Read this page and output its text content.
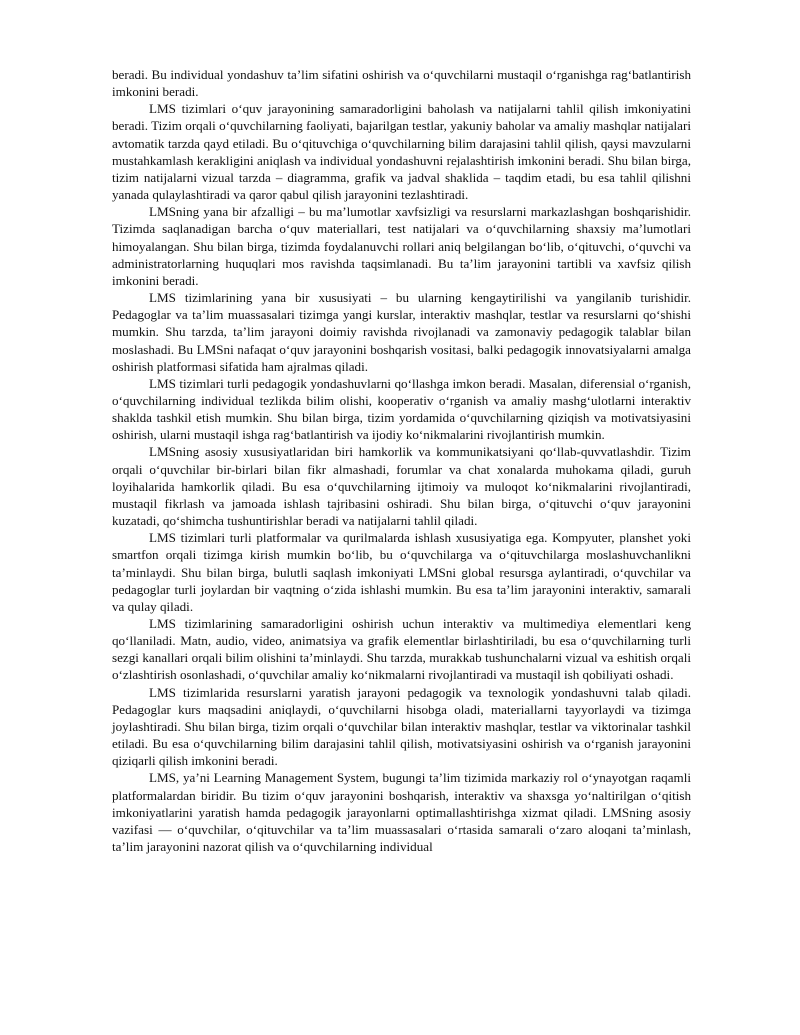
beradi. Bu individual yondashuv ta’lim sifatini oshirish va o‘quvchilarni mustaqil o‘rganishga rag‘batlantirish imkonini beradi.

LMS tizimlari o‘quv jarayonining samaradorligini baholash va natijalarni tahlil qilish imkoniyatini beradi. Tizim orqali o‘quvchilarning faoliyati, bajarilgan testlar, yakuniy baholar va amaliy mashqlar natijalari avtomatik tarzda qayd etiladi. Bu o‘qituvchiga o‘quvchilarning bilim darajasini tahlil qilish, qaysi mavzularni mustahkamlash kerakligini aniqlash va individual yondashuvni rejalashtirish imkonini beradi. Shu bilan birga, tizim natijalarni vizual tarzda – diagramma, grafik va jadval shaklida – taqdim etadi, bu esa tahlil qilishni yanada qulaylashtiradi va qaror qabul qilish jarayonini tezlashtiradi.

LMSning yana bir afzalligi – bu ma’lumotlar xavfsizligi va resurslarni markazlashgan boshqarishidir. Tizimda saqlanadigan barcha o‘quv materiallari, test natijalari va o‘quvchilarning shaxsiy ma’lumotlari himoyalangan. Shu bilan birga, tizimda foydalanuvchi rollari aniq belgilangan bo‘lib, o‘qituvchi, o‘quvchi va administratorlarning huquqlari mos ravishda taqsimlanadi. Bu ta’lim jarayonini tartibli va xavfsiz qilish imkonini beradi.

LMS tizimlarining yana bir xususiyati – bu ularning kengaytirilishi va yangilanib turishidir. Pedagoglar va ta’lim muassasalari tizimga yangi kurslar, interaktiv mashqlar, testlar va resurslarni qo‘shishi mumkin. Shu tarzda, ta’lim jarayoni doimiy ravishda rivojlanadi va zamonaviy pedagogik talablar bilan moslashadi. Bu LMSni nafaqat o‘quv jarayonini boshqarish vositasi, balki pedagogik innovatsiyalarni amalga oshirish platformasi sifatida ham ajralmas qiladi.

LMS tizimlari turli pedagogik yondashuvlarni qo‘llashga imkon beradi. Masalan, diferensial o‘rganish, o‘quvchilarning individual tezlikda bilim olishi, kooperativ o‘rganish va amaliy mashg‘ulotlarni interaktiv shaklda tashkil etish mumkin. Shu bilan birga, tizim yordamida o‘quvchilarning qiziqish va motivatsiyasini oshirish, ularni mustaqil ishga rag‘batlantirish va ijodiy ko‘nikmalarini rivojlantirish mumkin.

LMSning asosiy xususiyatlaridan biri hamkorlik va kommunikatsiyani qo‘llab-quvvatlashdir. Tizim orqali o‘quvchilar bir-birlari bilan fikr almashadi, forumlar va chat xonalarda muhokama qiladi, guruh loyihalarida hamkorlik qiladi. Bu esa o‘quvchilarning ijtimoiy va muloqot ko‘nikmalarini rivojlantiradi, mustaqil fikrlash va jamoada ishlash tajribasini oshiradi. Shu bilan birga, o‘qituvchi o‘quv jarayonini kuzatadi, qo‘shimcha tushuntirishlar beradi va natijalarni tahlil qiladi.

LMS tizimlari turli platformalar va qurilmalarda ishlash xususiyatiga ega. Kompyuter, planshet yoki smartfon orqali tizimga kirish mumkin bo‘lib, bu o‘quvchilarga va o‘qituvchilarga moslashuvchanlikni ta’minlaydi. Shu bilan birga, bulutli saqlash imkoniyati LMSni global resursga aylantiradi, o‘quvchilar va pedagoglar turli joylardan bir vaqtning o‘zida ishlashi mumkin. Bu esa ta’lim jarayonini interaktiv, samarali va qulay qiladi.

LMS tizimlarining samaradorligini oshirish uchun interaktiv va multimediya elementlari keng qo‘llaniladi. Matn, audio, video, animatsiya va grafik elementlar birlashtiriladi, bu esa o‘quvchilarning turli sezgi kanallari orqali bilim olishini ta’minlaydi. Shu tarzda, murakkab tushunchalarni vizual va eshitish orqali o‘zlashtirish osonlashadi, o‘quvchilar amaliy ko‘nikmalarni rivojlantiradi va mustaqil ish qobiliyati oshadi.

LMS tizimlarida resurslarni yaratish jarayoni pedagogik va texnologik yondashuvni talab qiladi. Pedagoglar kurs maqsadini aniqlaydi, o‘quvchilarni hisobga oladi, materiallarni tayyorlaydi va tizimga joylashtiradi. Shu bilan birga, tizim orqali o‘quvchilar bilan interaktiv mashqlar, testlar va viktorinalar tashkil etiladi. Bu esa o‘quvchilarning bilim darajasini tahlil qilish, motivatsiyasini oshirish va o‘rganish jarayonini qiziqarli qilish imkonini beradi.

LMS, ya’ni Learning Management System, bugungi ta’lim tizimida markaziy rol o‘ynayotgan raqamli platformalardan biridir. Bu tizim o‘quv jarayonini boshqarish, interaktiv va shaxsga yo‘naltirilgan o‘qitish imkoniyatlarini yaratish hamda pedagogik jarayonlarni optimallashtirishga xizmat qiladi. LMSning asosiy vazifasi — o‘quvchilar, o‘qituvchilar va ta’lim muassasalari o‘rtasida samarali o‘zaro aloqani ta’minlash, ta’lim jarayonini nazorat qilish va o‘quvchilarning individual
